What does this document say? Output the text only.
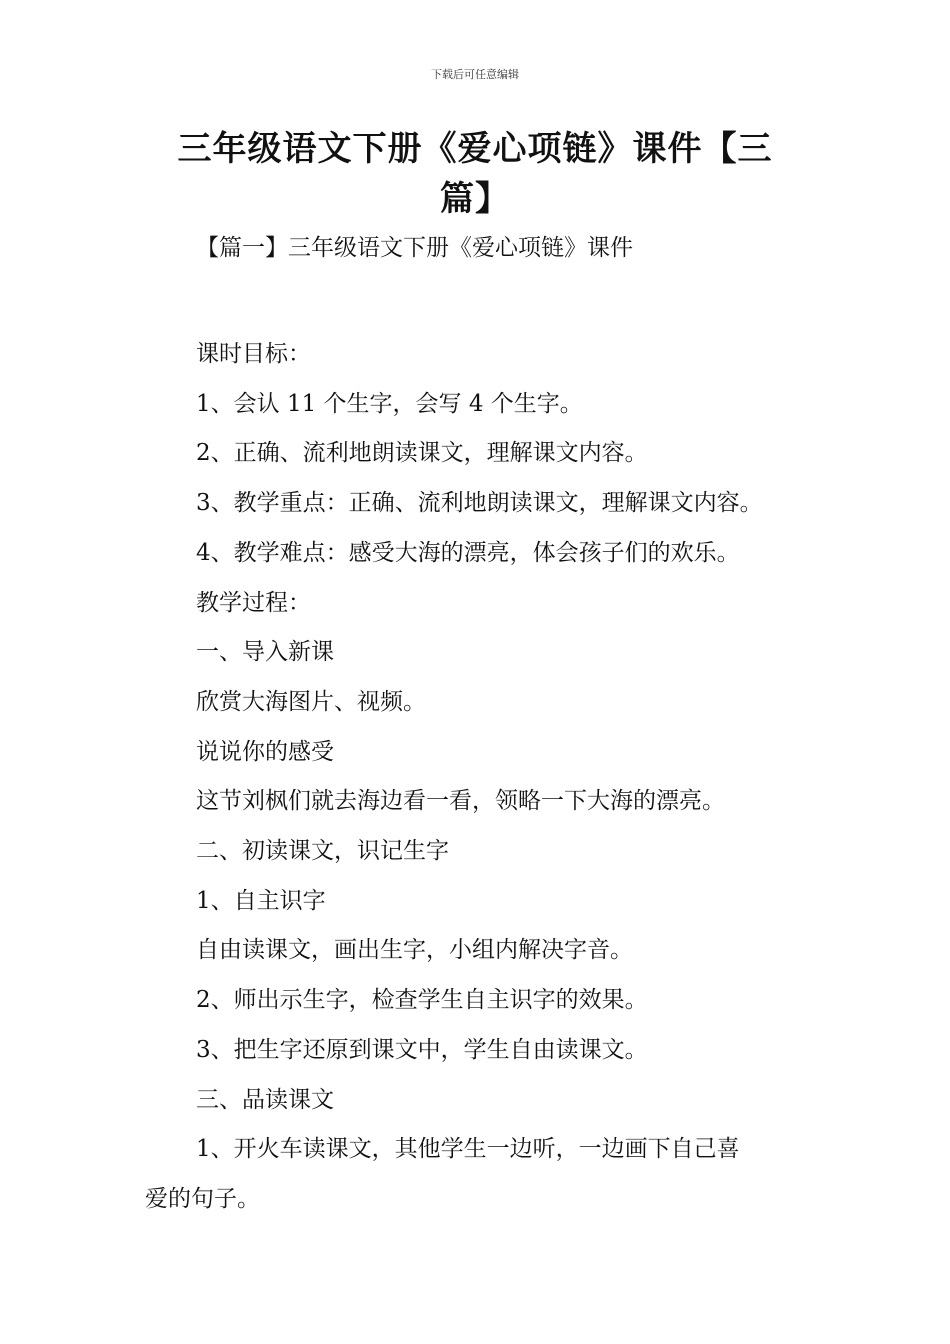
下载后可任意编辑
三年级语文下册《爱心项链》课件【三
篇】
【篇一】三年级语文下册《爱心项链》课件
课时目标：
1、会认 11 个生字，会写 4 个生字。
2、正确、流利地朗读课文，理解课文内容。
3、教学重点：正确、流利地朗读课文，理解课文内容。
4、教学难点：感受大海的漂亮，体会孩子们的欢乐。
教学过程：
一、导入新课
欣赏大海图片、视频。
说说你的感受
这节刘枫们就去海边看一看，领略一下大海的漂亮。
二、初读课文，识记生字
1、自主识字
自由读课文，画出生字，小组内解决字音。
2、师出示生字，检查学生自主识字的效果。
3、把生字还原到课文中，学生自由读课文。
三、品读课文
1、开火车读课文，其他学生一边听，一边画下自己喜
爱的句子。
